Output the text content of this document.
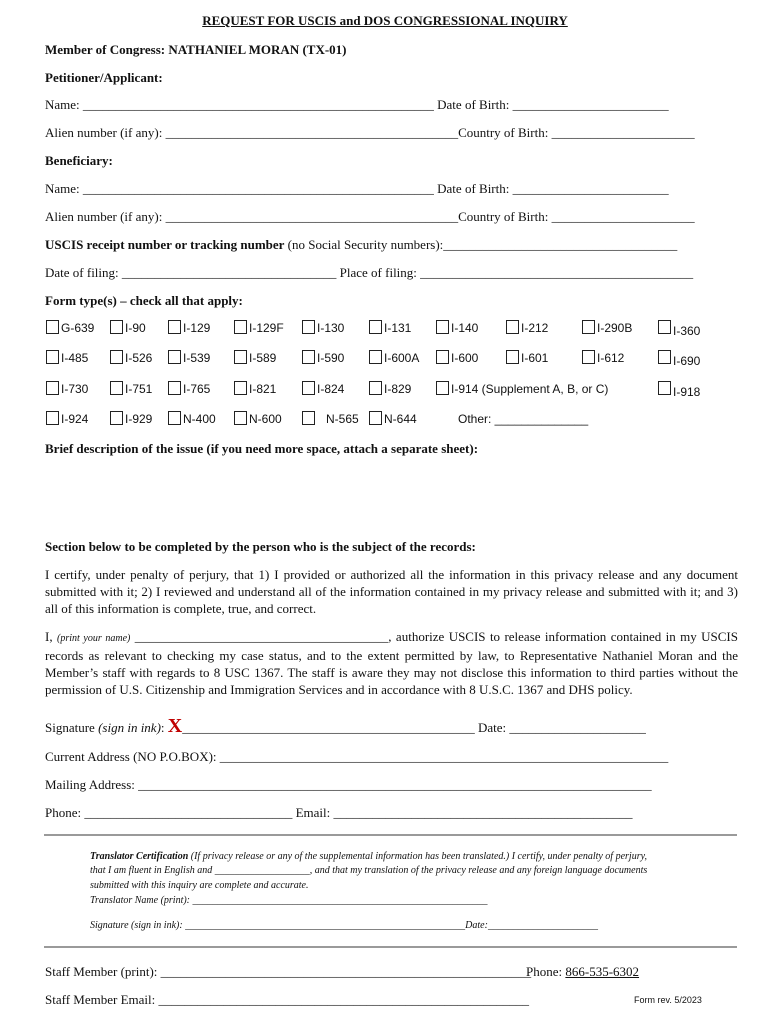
REQUEST FOR USCIS and DOS CONGRESSIONAL INQUIRY
Member of Congress: NATHANIEL MORAN (TX-01)
Petitioner/Applicant:
Name: ______________________________________________________ Date of Birth: ________________________
Alien number (if any): _____________________________________________Country of Birth: ______________________
Beneficiary:
Name: ______________________________________________________ Date of Birth: ________________________
Alien number (if any): _____________________________________________Country of Birth: ______________________
USCIS receipt number or tracking number (no Social Security numbers):____________________________________
Date of filing: _________________________________ Place of filing: __________________________________________
Form type(s) – check all that apply:
G-639	I-90	I-129	I-129F	I-130	I-131	I-140	I-212	I-290B	I-360
I-485	I-526	I-539	I-589	I-590	I-600A	I-600	I-601	I-612	I-690
I-730	I-751	I-765	I-821	I-824	I-829	I-914 (Supplement A, B, or C)	I-918
I-924	I-929	N-400	N-600	N-565 N-644	Other: ______________
Brief description of the issue (if you need more space, attach a separate sheet):
Section below to be completed by the person who is the subject of the records:
I certify, under penalty of perjury, that 1) I provided or authorized all the information in this privacy release and any document submitted with it; 2) I reviewed and understand all of the information contained in my privacy release and submitted with it; and 3) all of this information is complete, true, and correct.
I, (print your name) _______________________________________, authorize USCIS to release information contained in my USCIS records as relevant to checking my case status, and to the extent permitted by law, to Representative Nathaniel Moran and the Member’s staff with regards to 8 USC 1367. The staff is aware they may not disclose this information to third parties without the permission of U.S. Citizenship and Immigration Services and in accordance with 8 U.S.C. 1367 and DHS policy.
Signature (sign in ink): X_____________________________________________ Date: _____________________
Current Address (NO P.O.BOX): _____________________________________________________________________
Mailing Address: _______________________________________________________________________________
Phone: ________________________________ Email: ______________________________________________
Translator Certification (If privacy release or any of the supplemental information has been translated.) I certify, under penalty of perjury,
that I am fluent in English and ___________________, and that my translation of the privacy release and any foreign language documents
submitted with this inquiry are complete and accurate.
Translator Name (print): ___________________________________________________________
Signature (sign in ink): ________________________________________________________Date:______________________
Staff Member (print): _________________________________________________________
Phone: 866-535-6302
Staff Member Email: _________________________________________________________	Form rev. 5/2023
